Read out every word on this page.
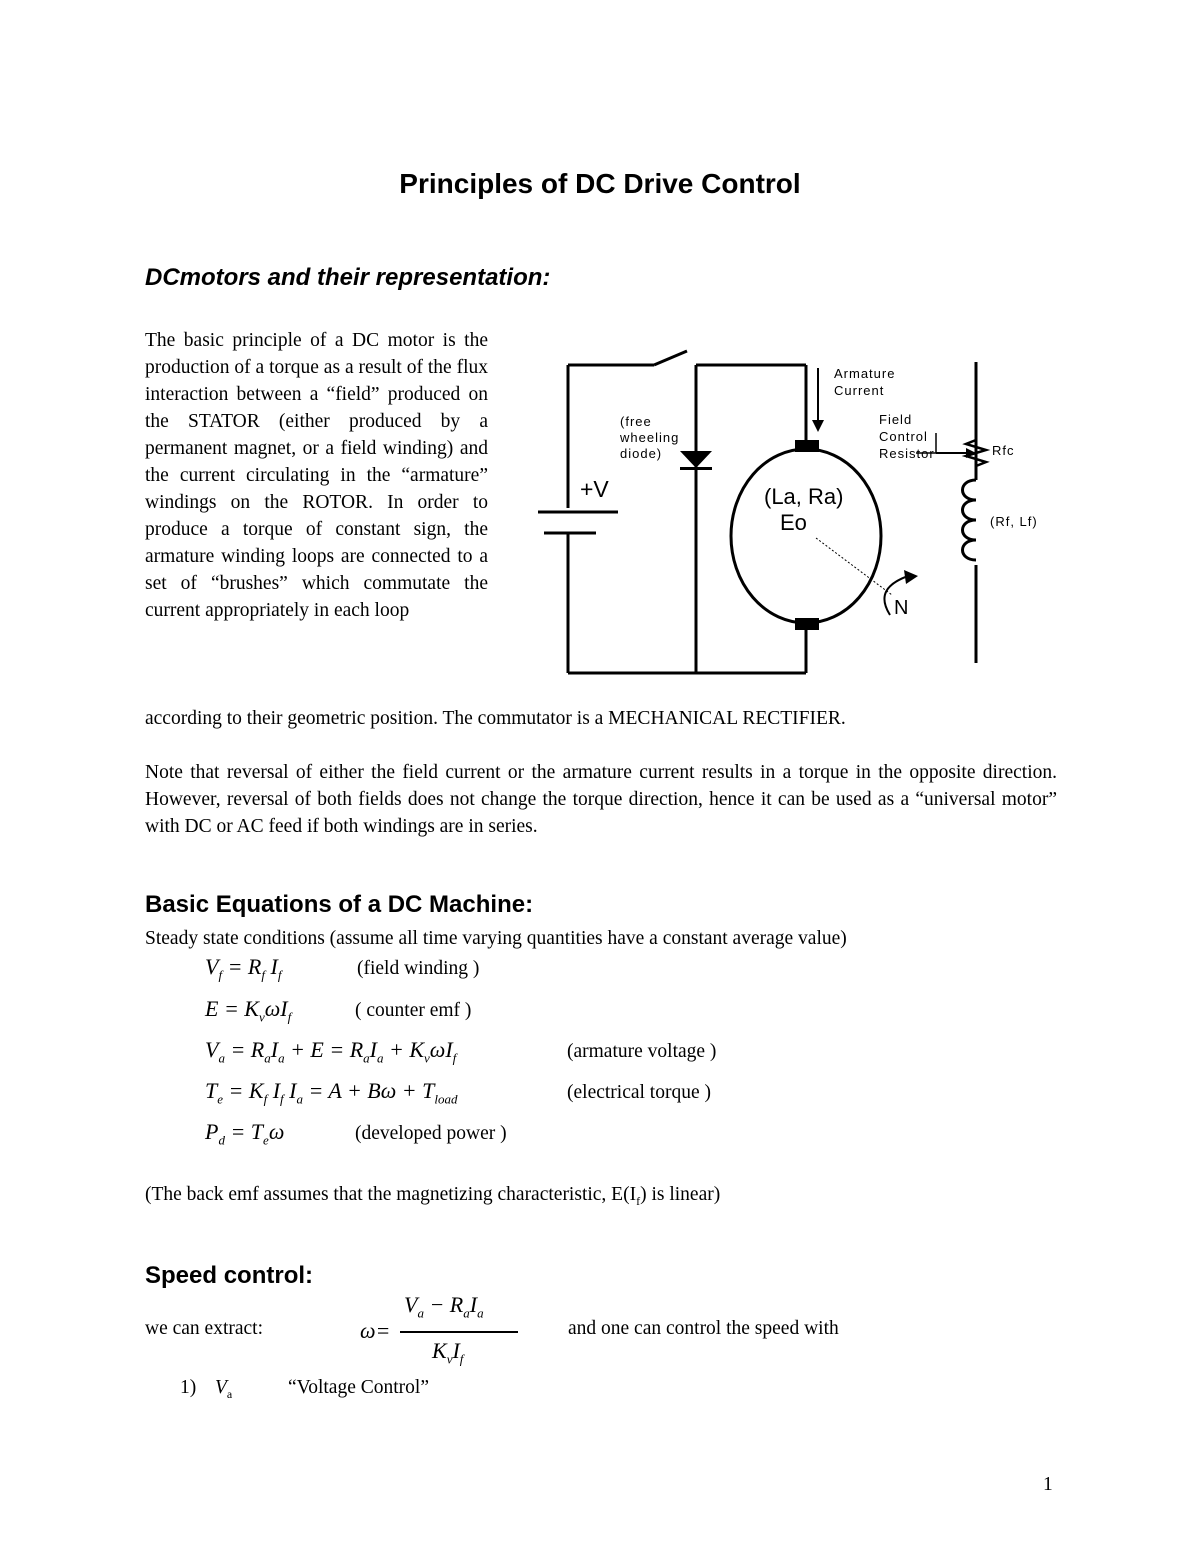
Principles of DC Drive Control
DCmotors and their representation:
The basic principle of a DC motor is the production of a torque as a result of the flux interaction between a “field” produced on the STATOR (either produced by a permanent magnet, or a field winding) and the current circulating in the “armature” windings on the ROTOR. In order to produce a torque of constant sign, the armature winding loops are connected to a set of “brushes” which commutate the current appropriately in each loop
according to their geometric position. The commutator is a MECHANICAL RECTIFIER.
+V
(free
wheeling
diode)
Armature
Current
(La, Ra)
Eo
N
Field
Control
Resistor	Rfc
(Rf, Lf)
Note that reversal of either the field current or the armature current results in a torque in the opposite direction. However, reversal of both fields does not change the torque direction, hence it can be used as a “universal motor” with DC or AC feed if both windings are in series.
Basic Equations of a DC Machine:
Steady state conditions (assume all time varying quantities have a constant average value)
$V_f = R_f$ $I_f$	(field winding )
$E = K_v\omega I_f$	( counter emf )
$V_a = R_aI_a + E = R_aI_a + K_v\omega I_f$	(armature voltage )
$T_e = K_f$ $I_f$ $I_a = A + B\omega + T_{load}$	(electrical torque )
$P_d = T_e\omega$	(developed power )
(The back emf assumes that the magnetizing characteristic, $E(I_f)$ is linear)
Speed control:
we can extract:	ω=
$V_a - R_aI_a$
$K_vI_f$
and one can control the speed with
1) $V_a$	“Voltage Control”
1
